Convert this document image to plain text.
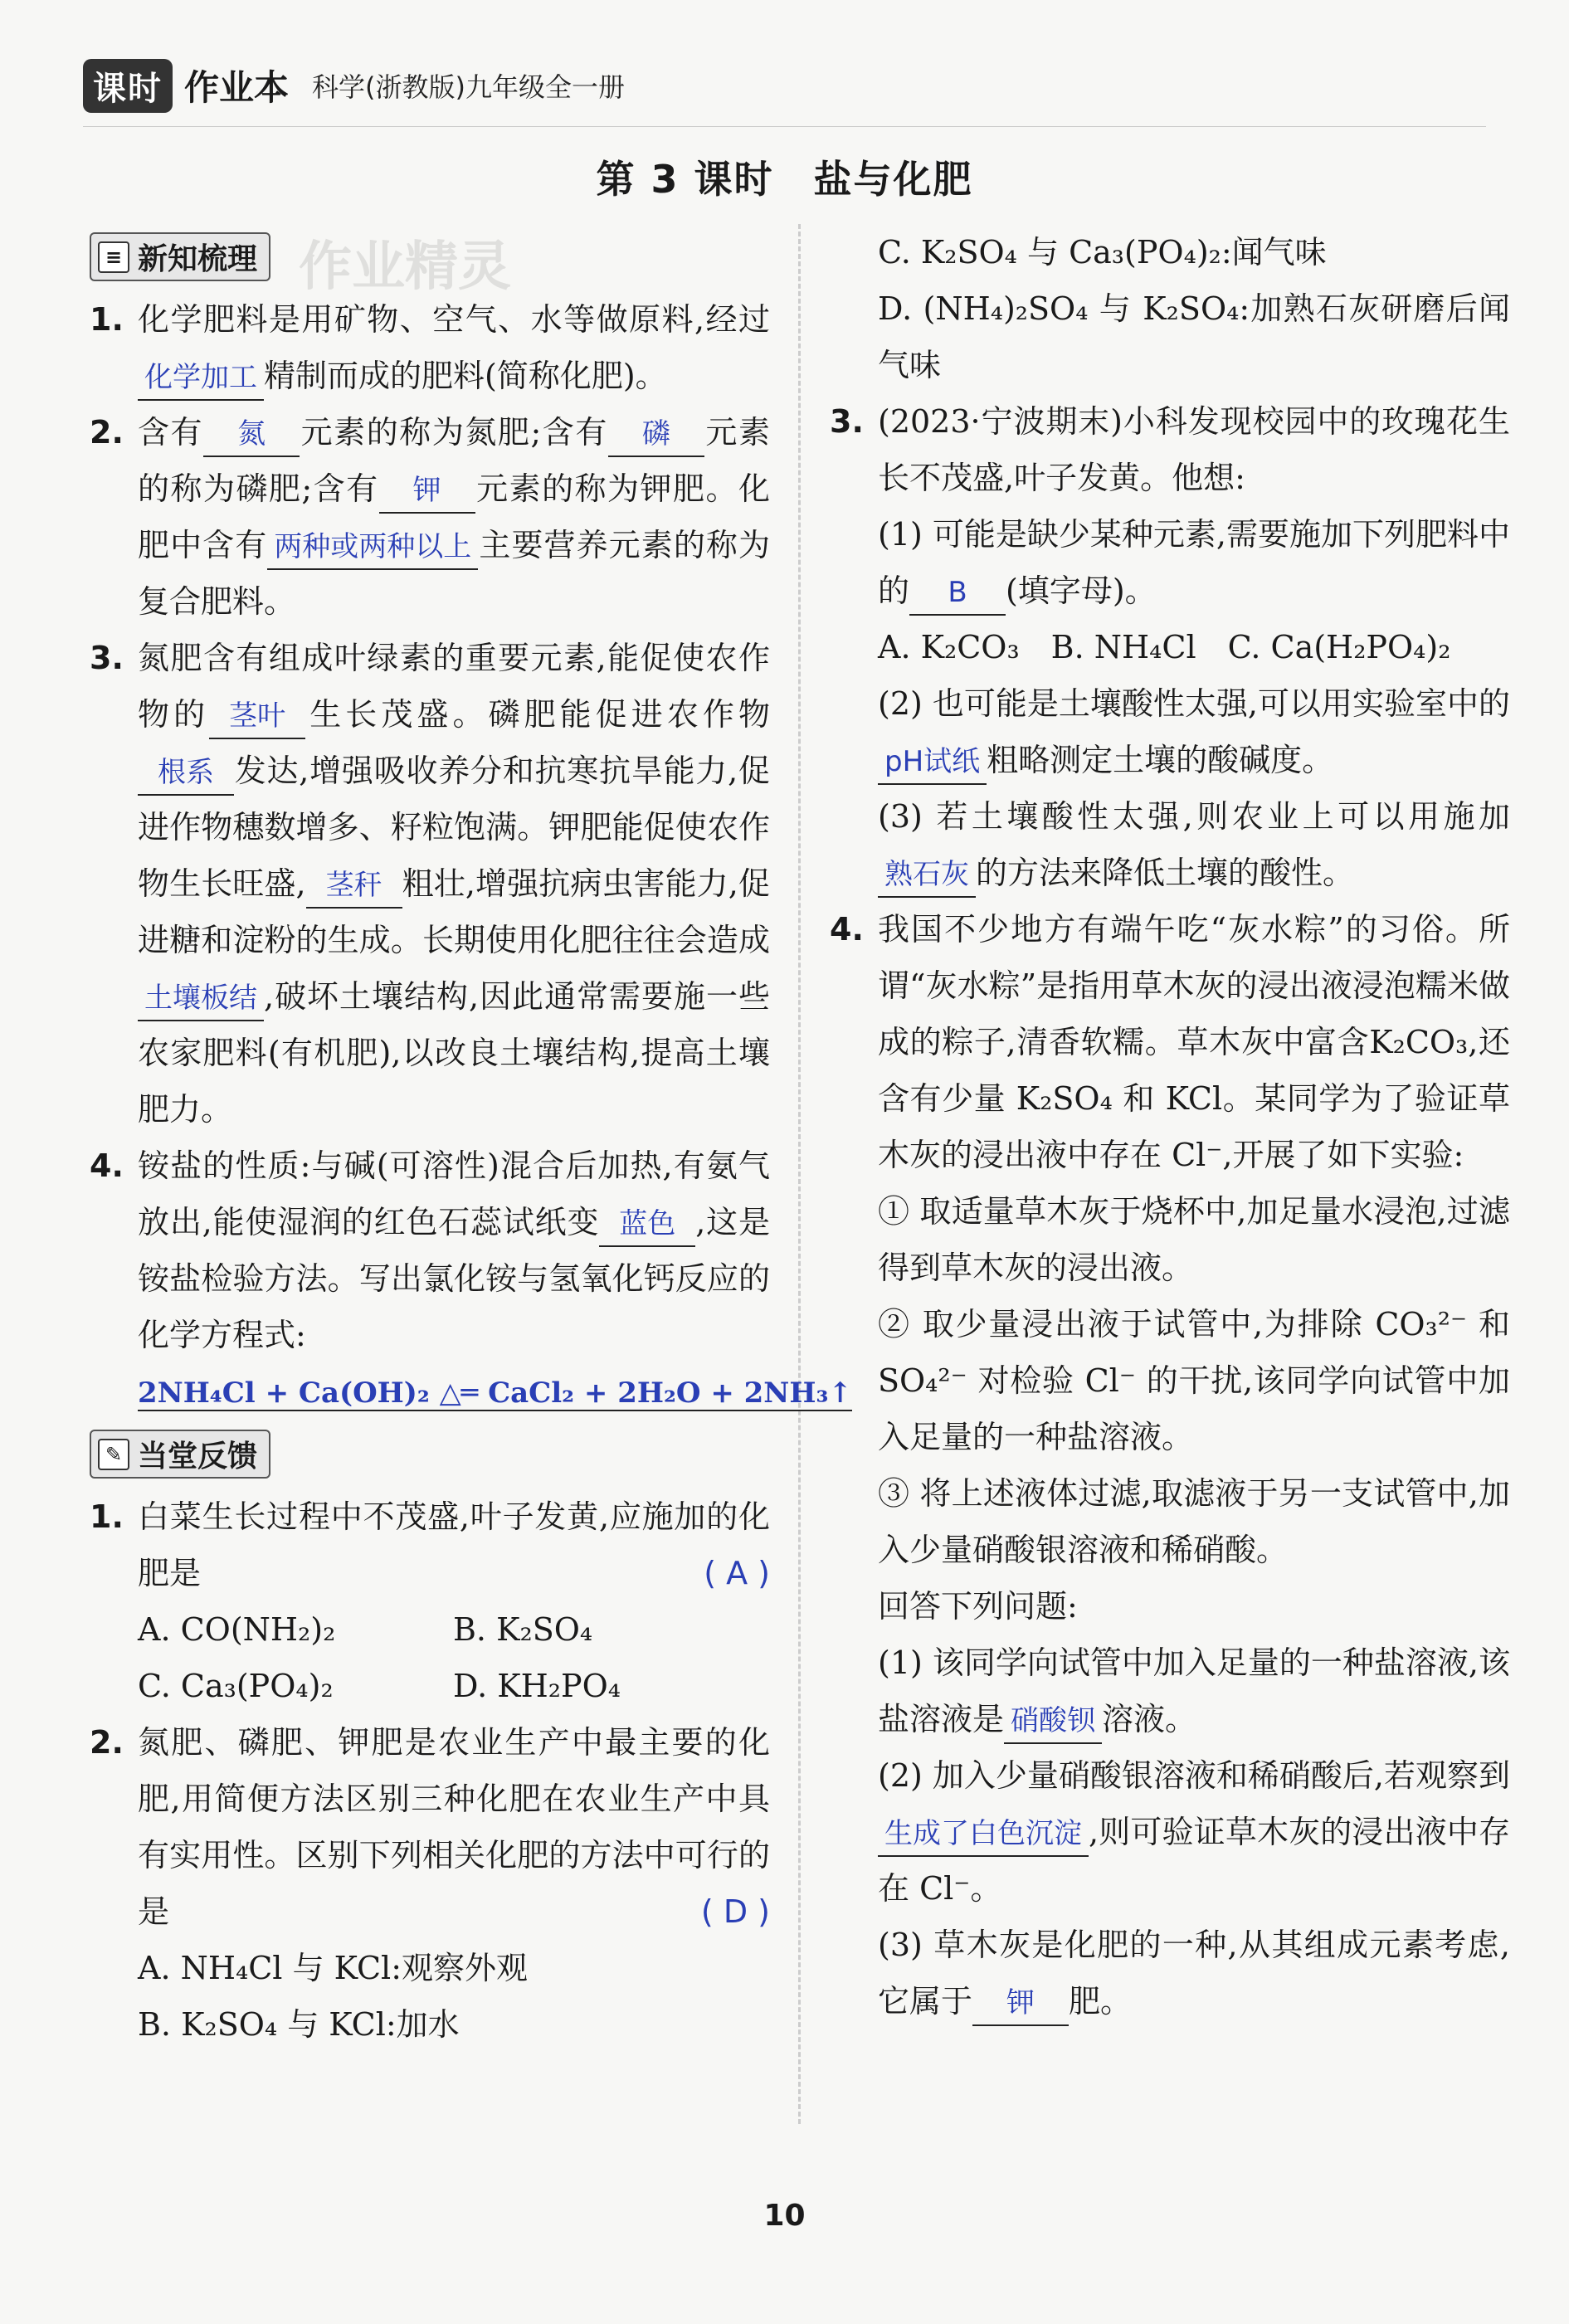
课时 作业本 科学(浙教版)九年级全一册
第 3 课时　盐与化肥
作业精灵
≡ 新知梳理
1. 化学肥料是用矿物、空气、水等做原料,经过化学加工 精制而成的肥料(简称化肥)。
2. 含有 氮 元素的称为氮肥;含有 磷 元素的称为磷肥;含有 钾 元素的称为钾肥。化肥中含有 两种或两种以上 主要营养元素的称为复合肥料。
3. 氮肥含有组成叶绿素的重要元素,能促使农作物的 茎叶 生长茂盛。磷肥能促进农作物根系 发达,增强吸收养分和抗寒抗旱能力,促进作物穗数增多、籽粒饱满。钾肥能促使农作物生长旺盛, 茎秆 粗壮,增强抗病虫害能力,促进糖和淀粉的生成。长期使用化肥往往会造成土壤板结 ,破坏土壤结构,因此通常需要施一些农家肥料(有机肥),以改良土壤结构,提高土壤肥力。
4. 铵盐的性质:与碱(可溶性)混合后加热,有氨气放出,能使湿润的红色石蕊试纸变 蓝色 ,这是铵盐检验方法。写出氯化铵与氢氧化钙反应的化学方程式:
2NH₄Cl + Ca(OH)₂ △═ CaCl₂ + 2H₂O + 2NH₃↑
✎ 当堂反馈
1. 白菜生长过程中不茂盛,叶子发黄,应施加的化肥是	( A )
A. CO(NH₂)₂	B. K₂SO₄
C. Ca₃(PO₄)₂	D. KH₂PO₄
2. 氮肥、磷肥、钾肥是农业生产中最主要的化肥,用简便方法区别三种化肥在农业生产中具有实用性。区别下列相关化肥的方法中可行的是	( D )
A. NH₄Cl 与 KCl:观察外观
B. K₂SO₄ 与 KCl:加水
C. K₂SO₄ 与 Ca₃(PO₄)₂:闻气味
D. (NH₄)₂SO₄ 与 K₂SO₄:加熟石灰研磨后闻气味
3. (2023·宁波期末)小科发现校园中的玫瑰花生长不茂盛,叶子发黄。他想:
(1) 可能是缺少某种元素,需要施加下列肥料中的 B (填字母)。
A. K₂CO₃　B. NH₄Cl　C. Ca(H₂PO₄)₂
(2) 也可能是土壤酸性太强,可以用实验室中的pH试纸 粗略测定土壤的酸碱度。
(3) 若土壤酸性太强,则农业上可以用施加熟石灰 的方法来降低土壤的酸性。
4. 我国不少地方有端午吃“灰水粽”的习俗。所谓“灰水粽”是指用草木灰的浸出液浸泡糯米做成的粽子,清香软糯。草木灰中富含K₂CO₃,还含有少量 K₂SO₄ 和 KCl。某同学为了验证草木灰的浸出液中存在 Cl⁻,开展了如下实验:
① 取适量草木灰于烧杯中,加足量水浸泡,过滤得到草木灰的浸出液。
② 取少量浸出液于试管中,为排除 CO₃²⁻ 和 SO₄²⁻ 对检验 Cl⁻ 的干扰,该同学向试管中加入足量的一种盐溶液。
③ 将上述液体过滤,取滤液于另一支试管中,加入少量硝酸银溶液和稀硝酸。
回答下列问题:
(1) 该同学向试管中加入足量的一种盐溶液,该盐溶液是 硝酸钡 溶液。
(2) 加入少量硝酸银溶液和稀硝酸后,若观察到生成了白色沉淀 ,则可验证草木灰的浸出液中存在 Cl⁻。
(3) 草木灰是化肥的一种,从其组成元素考虑,它属于 钾 肥。
10
